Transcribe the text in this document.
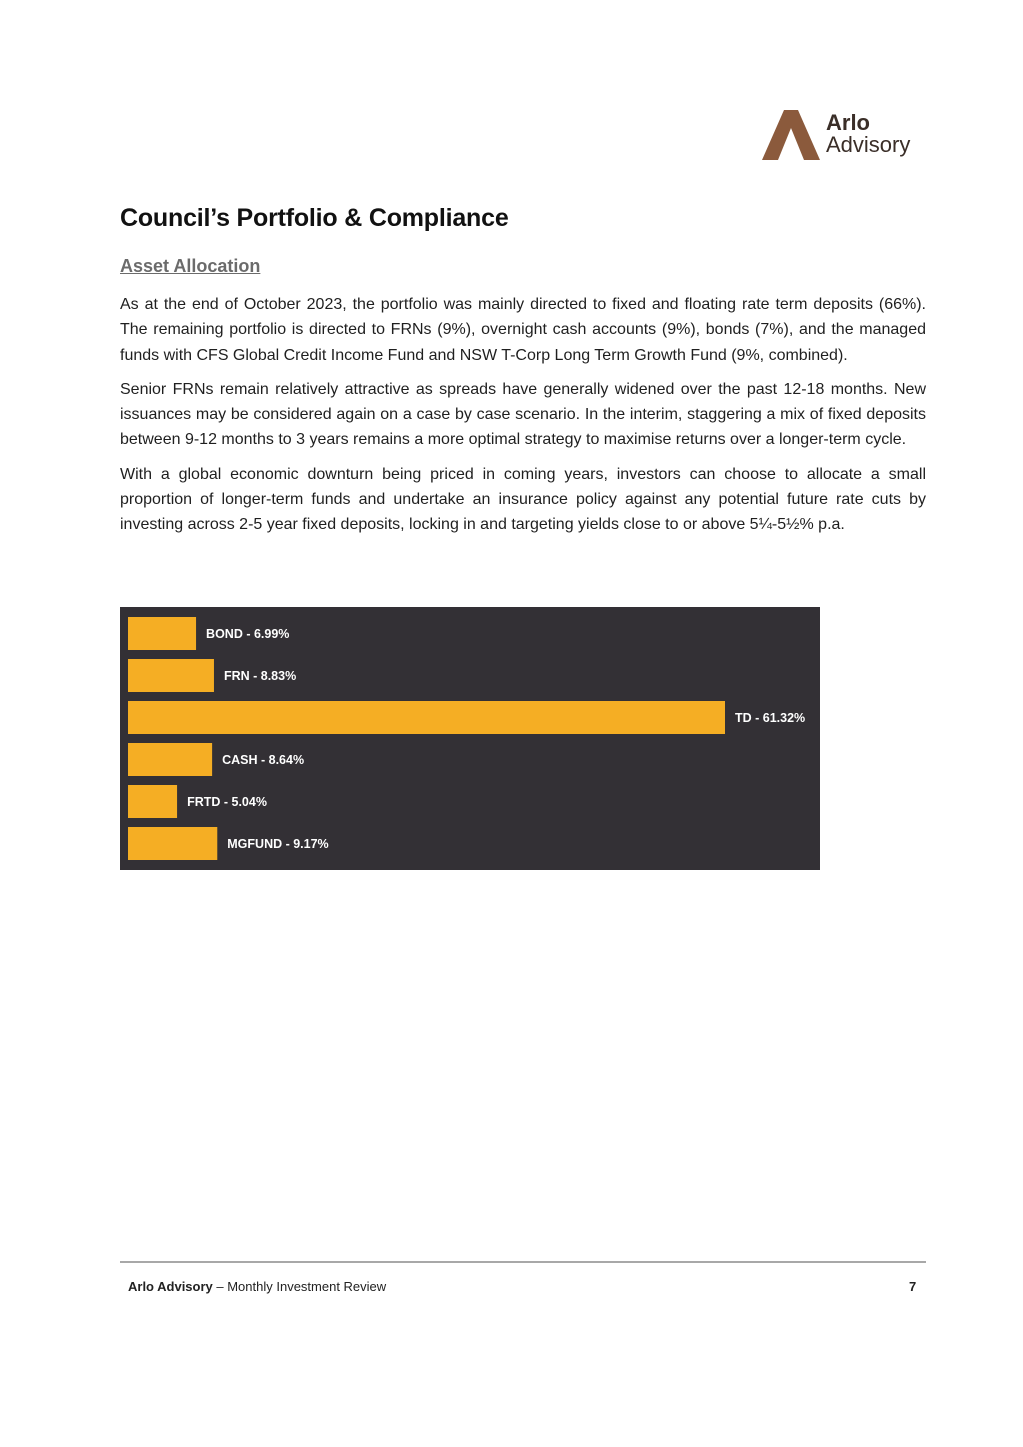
Arlo
Advisory
Council’s Portfolio & Compliance
Asset Allocation

As at the end of October 2023, the portfolio was mainly directed to fixed and floating rate term deposits (66%). The remaining portfolio is directed to FRNs (9%), overnight cash accounts (9%), bonds (7%), and the managed funds with CFS Global Credit Income Fund and NSW T-Corp Long Term Growth Fund (9%, combined).

Senior FRNs remain relatively attractive as spreads have generally widened over the past 12-18 months. New issuances may be considered again on a case by case scenario. In the interim, staggering a mix of fixed deposits between 9-12 months to 3 years remains a more optimal strategy to maximise returns over a longer-term cycle.

With a global economic downturn being priced in coming years, investors can choose to allocate a small proportion of longer-term funds and undertake an insurance policy against any potential future rate cuts by investing across 2-5 year fixed deposits, locking in and targeting yields close to or above 5¼-5½% p.a.

BOND - 6.99%
FRN - 8.83%
TD - 61.32%
CASH - 8.64%
FRTD - 5.04%
MGFUND - 9.17%
Arlo Advisory – Monthly Investment Review	7
